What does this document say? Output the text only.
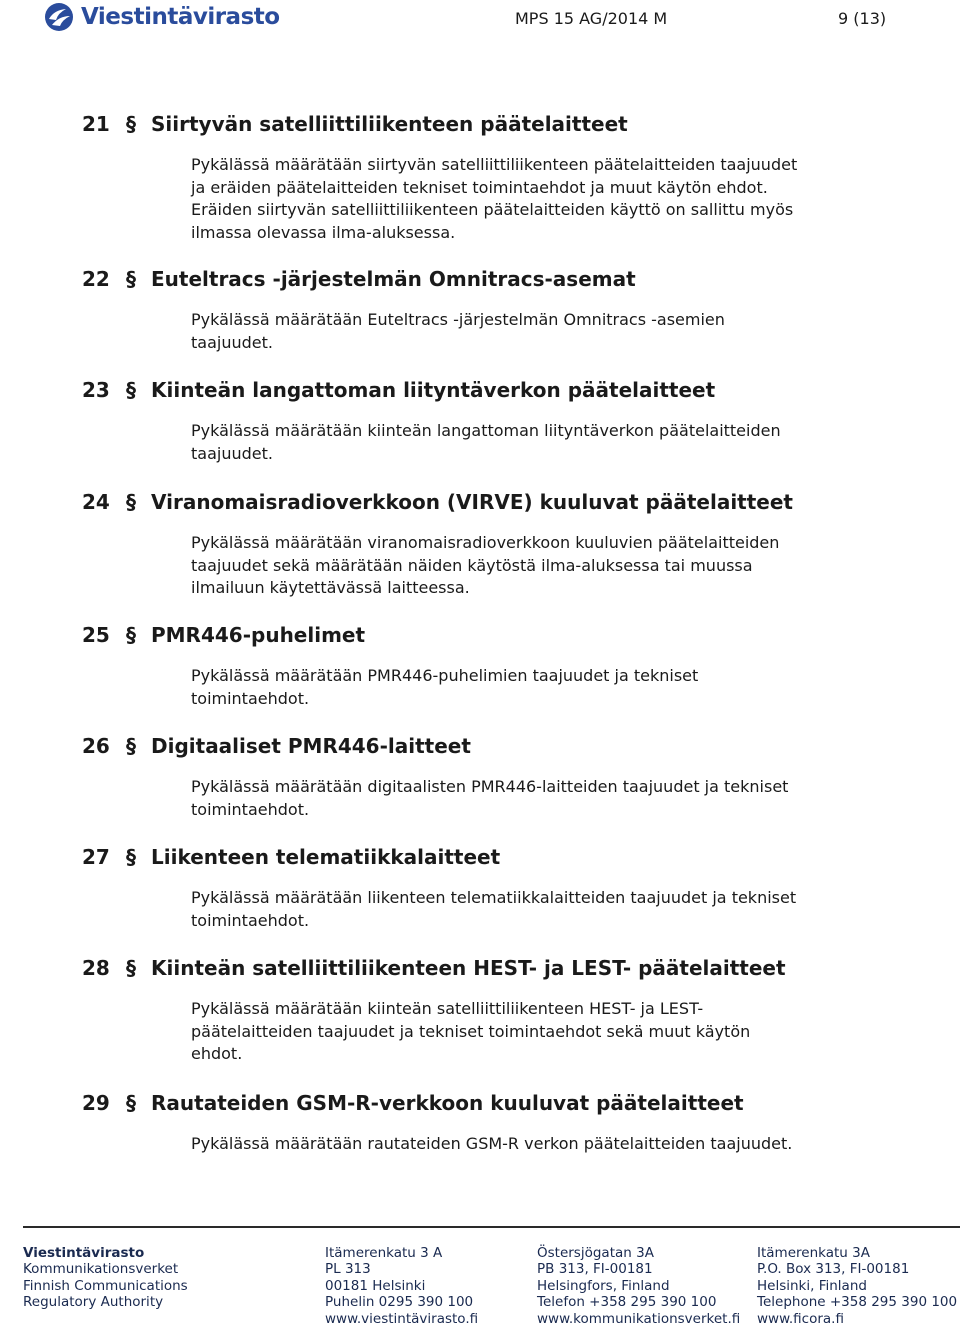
Viestintävirasto	MPS 15 AG/2014 M	9 (13)
21 § Siirtyvän satelliittiliikenteen päätelaitteet
Pykälässä määrätään siirtyvän satelliittiliikenteen päätelaitteiden taajuudet
ja eräiden päätelaitteiden tekniset toimintaehdot ja muut käytön ehdot.
Eräiden siirtyvän satelliittiliikenteen päätelaitteiden käyttö on sallittu myös
ilmassa olevassa ilma-aluksessa.
22 § Euteltracs -järjestelmän Omnitracs-asemat
Pykälässä määrätään Euteltracs -järjestelmän Omnitracs -asemien
taajuudet.
23 § Kiinteän langattoman liityntäverkon päätelaitteet
Pykälässä määrätään kiinteän langattoman liityntäverkon päätelaitteiden
taajuudet.
24 § Viranomaisradioverkkoon (VIRVE) kuuluvat päätelaitteet
Pykälässä määrätään viranomaisradioverkkoon kuuluvien päätelaitteiden
taajuudet sekä määrätään näiden käytöstä ilma-aluksessa tai muussa
ilmailuun käytettävässä laitteessa.
25 § PMR446-puhelimet
Pykälässä määrätään PMR446-puhelimien taajuudet ja tekniset
toimintaehdot.
26 § Digitaaliset PMR446-laitteet
Pykälässä määrätään digitaalisten PMR446-laitteiden taajuudet ja tekniset
toimintaehdot.
27 § Liikenteen telematiikkalaitteet
Pykälässä määrätään liikenteen telematiikkalaitteiden taajuudet ja tekniset
toimintaehdot.
28 § Kiinteän satelliittiliikenteen HEST- ja LEST- päätelaitteet
Pykälässä määrätään kiinteän satelliittiliikenteen HEST- ja LEST-
päätelaitteiden taajuudet ja tekniset toimintaehdot sekä muut käytön
ehdot.
29 § Rautateiden GSM-R-verkkoon kuuluvat päätelaitteet
Pykälässä määrätään rautateiden GSM-R verkon päätelaitteiden taajuudet.
Viestintävirasto
Kommunikationsverket
Finnish Communications
Regulatory Authority
Itämerenkatu 3 A
PL 313
00181 Helsinki
Puhelin 0295 390 100
www.viestintävirasto.fi
Östersjögatan 3A
PB 313, FI-00181
Helsingfors, Finland
Telefon +358 295 390 100
www.kommunikationsverket.fi
Itämerenkatu 3A
P.O. Box 313, FI-00181
Helsinki, Finland
Telephone +358 295 390 100
www.ficora.fi
